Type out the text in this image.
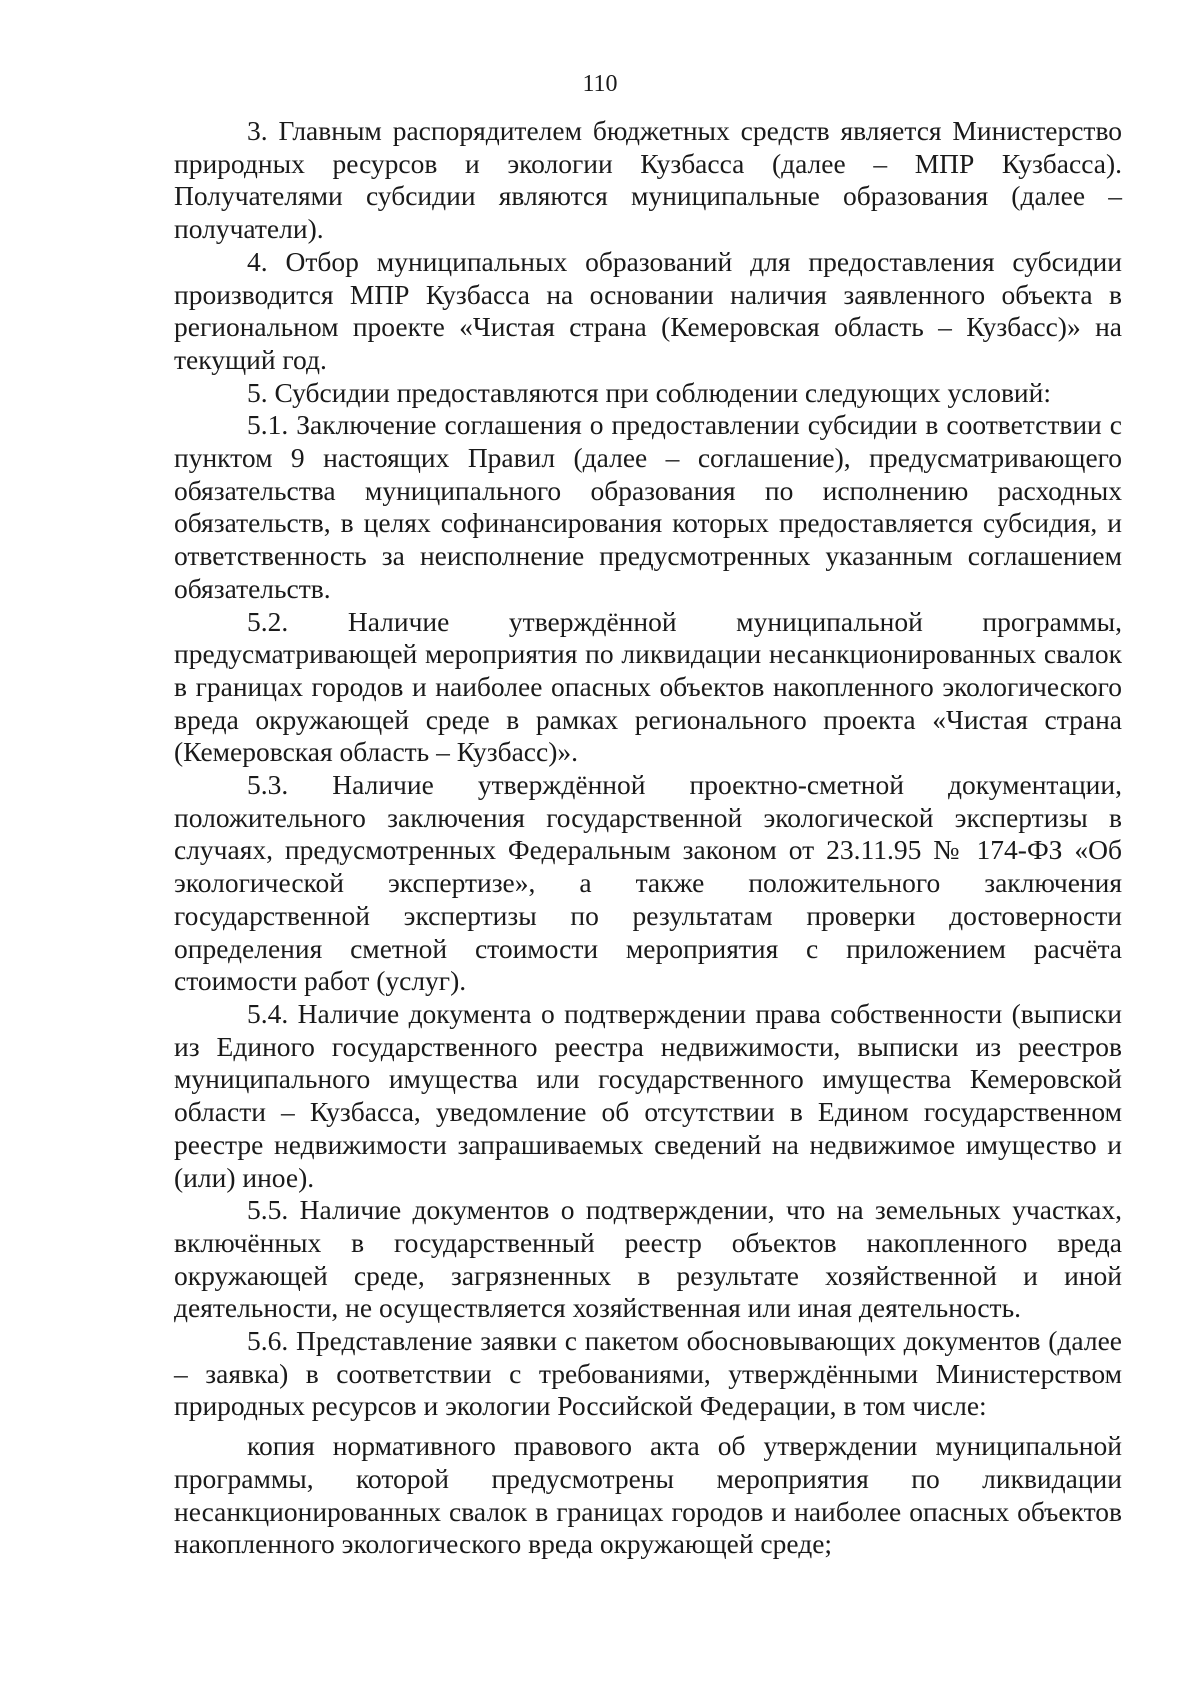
110

3. Главным распорядителем бюджетных средств является Министерство природных ресурсов и экологии Кузбасса (далее – МПР Кузбасса). Получателями субсидии являются муниципальные образования (далее – получатели).

4. Отбор муниципальных образований для предоставления субсидии производится МПР Кузбасса на основании наличия заявленного объекта в региональном проекте «Чистая страна (Кемеровская область – Кузбасс)» на текущий год.

5. Субсидии предоставляются при соблюдении следующих условий:

5.1. Заключение соглашения о предоставлении субсидии в соответствии с пунктом 9 настоящих Правил (далее – соглашение), предусматривающего обязательства муниципального образования по исполнению расходных обязательств, в целях софинансирования которых предоставляется субсидия, и ответственность за неисполнение предусмотренных указанным соглашением обязательств.

5.2. Наличие утверждённой муниципальной программы, предусматривающей мероприятия по ликвидации несанкционированных свалок в границах городов и наиболее опасных объектов накопленного экологического вреда окружающей среде в рамках регионального проекта «Чистая страна (Кемеровская область – Кузбасс)».

5.3. Наличие утверждённой проектно-сметной документации, положительного заключения государственной экологической экспертизы в случаях, предусмотренных Федеральным законом от 23.11.95 № 174-ФЗ «Об экологической экспертизе», а также положительного заключения государственной экспертизы по результатам проверки достоверности определения сметной стоимости мероприятия с приложением расчёта стоимости работ (услуг).

5.4. Наличие документа о подтверждении права собственности (выписки из Единого государственного реестра недвижимости, выписки из реестров муниципального имущества или государственного имущества Кемеровской области – Кузбасса, уведомление об отсутствии в Едином государственном реестре недвижимости запрашиваемых сведений на недвижимое имущество и (или) иное).

5.5. Наличие документов о подтверждении, что на земельных участках, включённых в государственный реестр объектов накопленного вреда окружающей среде, загрязненных в результате хозяйственной и иной деятельности, не осуществляется хозяйственная или иная деятельность.

5.6. Представление заявки с пакетом обосновывающих документов (далее – заявка) в соответствии с требованиями, утверждёнными Министерством природных ресурсов и экологии Российской Федерации, в том числе:

копия нормативного правового акта об утверждении муниципальной программы, которой предусмотрены мероприятия по ликвидации несанкционированных свалок в границах городов и наиболее опасных объектов накопленного экологического вреда окружающей среде;
